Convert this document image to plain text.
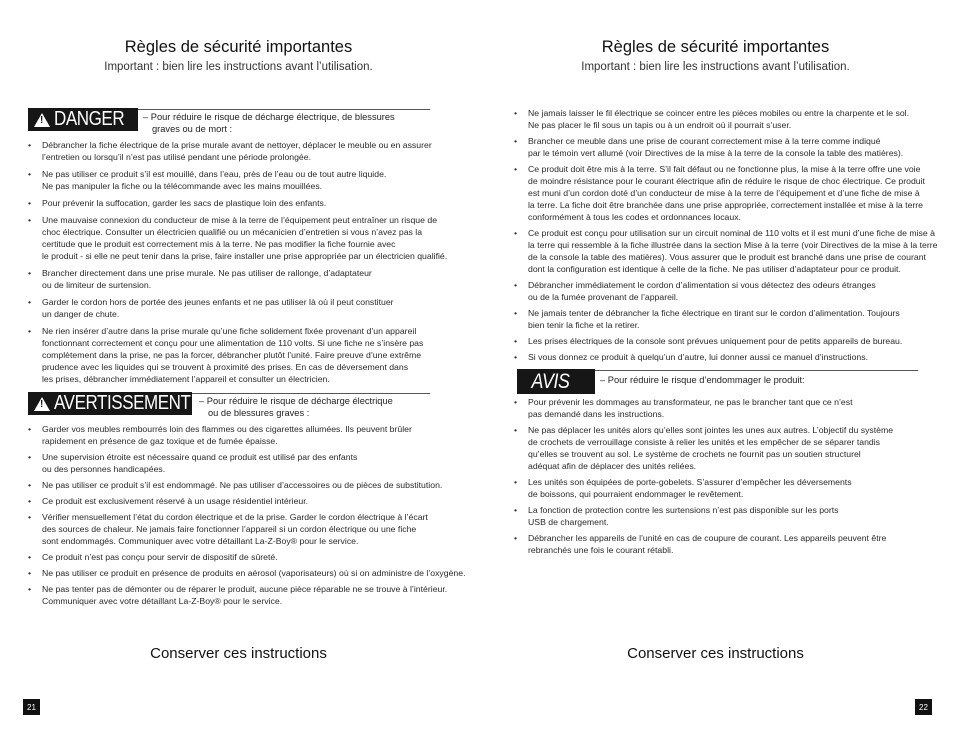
Règles de sécurité importantes
Important : bien lire les instructions avant l’utilisation.
! DANGER – Pour réduire le risque de décharge électrique, de blessures
graves ou de mort :
• Débrancher la fiche électrique de la prise murale avant de nettoyer, déplacer le meuble ou en assurer
l’entretien ou lorsqu’il n’est pas utilisé pendant une période prolongée.
• Ne pas utiliser ce produit s’il est mouillé, dans l’eau, près de l’eau ou de tout autre liquide.
Ne pas manipuler la fiche ou la télécommande avec les mains mouillées.
• Pour prévenir la suffocation, garder les sacs de plastique loin des enfants.
• Une mauvaise connexion du conducteur de mise à la terre de l’équipement peut entraîner un risque de
choc électrique. Consulter un électricien qualifié ou un mécanicien d’entretien si vous n’avez pas la
certitude que le produit est correctement mis à la terre. Ne pas modifier la fiche fournie avec
le produit - si elle ne peut tenir dans la prise, faire installer une prise appropriée par un électricien qualifié.
• Brancher directement dans une prise murale. Ne pas utiliser de rallonge, d’adaptateur
ou de limiteur de surtension.
• Garder le cordon hors de portée des jeunes enfants et ne pas utiliser là où il peut constituer
un danger de chute.
• Ne rien insérer d’autre dans la prise murale qu’une fiche solidement fixée provenant d’un appareil
fonctionnant correctement et conçu pour une alimentation de 110 volts. Si une fiche ne s’insère pas
complètement dans la prise, ne pas la forcer, débrancher plutôt l’unité. Faire preuve d’une extrême
prudence avec les liquides qui se trouvent à proximité des prises. En cas de déversement dans
les prises, débrancher immédiatement l’appareil et consulter un électricien.
! AVERTISSEMENT – Pour réduire le risque de décharge électrique
ou de blessures graves :
• Garder vos meubles rembourrés loin des flammes ou des cigarettes allumées. Ils peuvent brûler
rapidement en présence de gaz toxique et de fumée épaisse.
• Une supervision étroite est nécessaire quand ce produit est utilisé par des enfants
ou des personnes handicapées.
• Ne pas utiliser ce produit s’il est endommagé. Ne pas utiliser d’accessoires ou de pièces de substitution.
• Ce produit est exclusivement réservé à un usage résidentiel intérieur.
• Vérifier mensuellement l’état du cordon électrique et de la prise. Garder le cordon électrique à l’écart
des sources de chaleur. Ne jamais faire fonctionner l’appareil si un cordon électrique ou une fiche
sont endommagés. Communiquer avec votre détaillant La-Z-Boy® pour le service.
• Ce produit n’est pas conçu pour servir de dispositif de sûreté.
• Ne pas utiliser ce produit en présence de produits en aérosol (vaporisateurs) où si on administre de l’oxygène.
• Ne pas tenter pas de démonter ou de réparer le produit, aucune pièce réparable ne se trouve à l’intérieur.
Communiquer avec votre détaillant La-Z-Boy® pour le service.
Conserver ces instructions
21
Règles de sécurité importantes
Important : bien lire les instructions avant l’utilisation.
• Ne jamais laisser le fil électrique se coincer entre les pièces mobiles ou entre la charpente et le sol.
Ne pas placer le fil sous un tapis ou à un endroit où il pourrait s’user.
• Brancher ce meuble dans une prise de courant correctement mise à la terre comme indiqué
par le témoin vert allumé (voir Directives de la mise à la terre de la console la table des matières).
• Ce produit doit être mis à la terre. S’il fait défaut ou ne fonctionne plus, la mise à la terre offre une voie
de moindre résistance pour le courant électrique afin de réduire le risque de choc électrique. Ce produit
est muni d’un cordon doté d’un conducteur de mise à la terre de l’équipement et d’une fiche de mise à
la terre. La fiche doit être branchée dans une prise appropriée, correctement installée et mise à la terre
conformément à tous les codes et ordonnances locaux.
• Ce produit est conçu pour utilisation sur un circuit nominal de 110 volts et il est muni d’une fiche de mise à
la terre qui ressemble à la fiche illustrée dans la section Mise à la terre (voir Directives de la mise à la terre
de la console la table des matières). Vous assurer que le produit est branché dans une prise de courant
dont la configuration est identique à celle de la fiche. Ne pas utiliser d’adaptateur pour ce produit.
• Débrancher immédiatement le cordon d’alimentation si vous détectez des odeurs étranges
ou de la fumée provenant de l’appareil.
• Ne jamais tenter de débrancher la fiche électrique en tirant sur le cordon d’alimentation. Toujours
bien tenir la fiche et la retirer.
• Les prises électriques de la console sont prévues uniquement pour de petits appareils de bureau.
• Si vous donnez ce produit à quelqu’un d’autre, lui donner aussi ce manuel d’instructions.
AVIS	– Pour réduire le risque d’endommager le produit:
• Pour prévenir les dommages au transformateur, ne pas le brancher tant que ce n’est
pas demandé dans les instructions.
• Ne pas déplacer les unités alors qu’elles sont jointes les unes aux autres. L’objectif du système
de crochets de verrouillage consiste à relier les unités et les empêcher de se séparer tandis
qu’elles se trouvent au sol. Le système de crochets ne fournit pas un soutien structurel
adéquat afin de déplacer des unités reliées.
• Les unités son équipées de porte-gobelets. S’assurer d’empêcher les déversements
de boissons, qui pourraient endommager le revêtement.
• La fonction de protection contre les surtensions n’est pas disponible sur les ports
USB de chargement.
• Débrancher les appareils de l’unité en cas de coupure de courant. Les appareils peuvent être
rebranchés une fois le courant rétabli.
Conserver ces instructions
22
